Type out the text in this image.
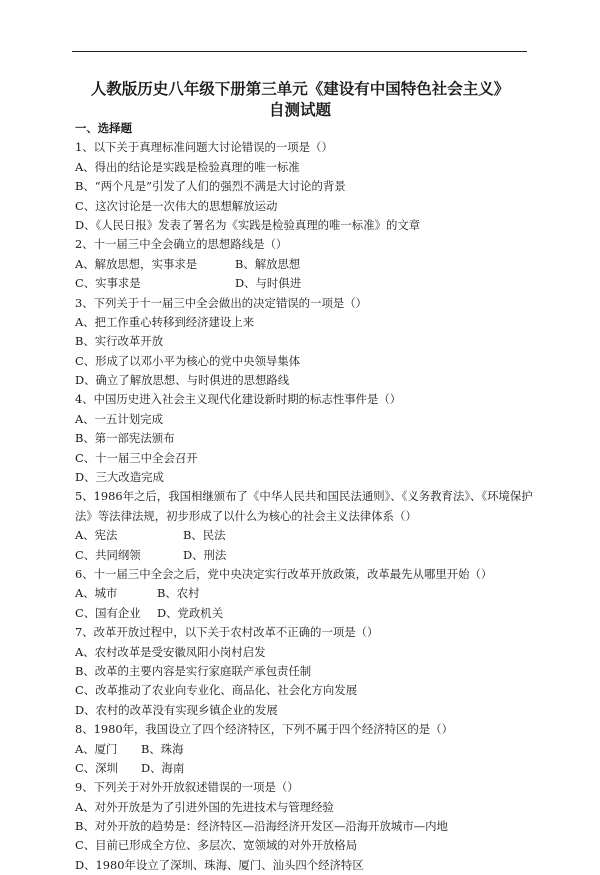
人教版历史八年级下册第三单元《建设有中国特色社会主义》
自测试题
一、选择题
1、以下关于真理标准问题大讨论错误的一项是（）
A、得出的结论是实践是检验真理的唯一标准
B、“两个凡是”引发了人们的强烈不满是大讨论的背景
C、这次讨论是一次伟大的思想解放运动
D、《人民日报》发表了署名为《实践是检验真理的唯一标准》的文章
2、十一届三中全会确立的思想路线是（）
A、解放思想，实事求是	B、解放思想
C、实事求是	D、与时俱进
3、下列关于十一届三中全会做出的决定错误的一项是（）
A、把工作重心转移到经济建设上来
B、实行改革开放
C、形成了以邓小平为核心的党中央领导集体
D、确立了解放思想、与时俱进的思想路线
4、中国历史进入社会主义现代化建设新时期的标志性事件是（）
A、一五计划完成
B、第一部宪法颁布
C、十一届三中全会召开
D、三大改造完成
5、1986年之后，我国相继颁布了《中华人民共和国民法通则》、《义务教育法》、《环境保护
法》等法律法规，初步形成了以什么为核心的社会主义法律体系（）
A、宪法	B、民法
C、共同纲领	D、刑法
6、十一届三中全会之后，党中央决定实行改革开放政策，改革最先从哪里开始（）
A、城市	B、农村
C、国有企业 D、党政机关
7、改革开放过程中，以下关于农村改革不正确的一项是（）
A、农村改革是受安徽凤阳小岗村启发
B、改革的主要内容是实行家庭联产承包责任制
C、改革推动了农业向专业化、商品化、社会化方向发展
D、农村的改革没有实现乡镇企业的发展
8、1980年，我国设立了四个经济特区，下列不属于四个经济特区的是（）
A、厦门 B、珠海
C、深圳 D、海南
9、下列关于对外开放叙述错误的一项是（）
A、对外开放是为了引进外国的先进技术与管理经验
B、对外开放的趋势是：经济特区—沿海经济开发区—沿海开放城市—内地
C、目前已形成全方位、多层次、宽领域的对外开放格局
D、1980年设立了深圳、珠海、厦门、汕头四个经济特区
